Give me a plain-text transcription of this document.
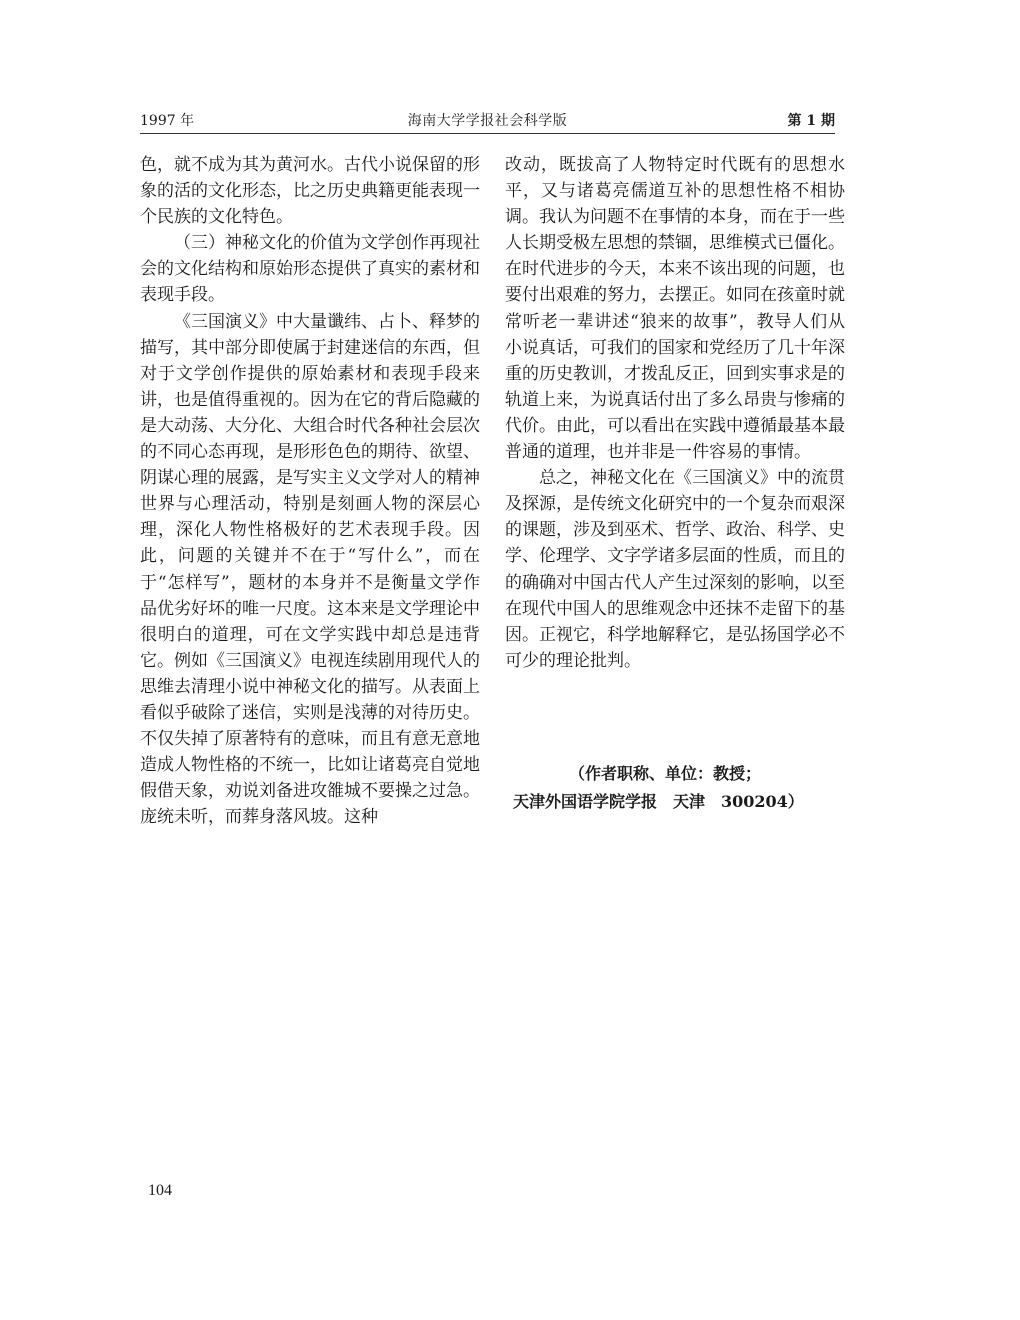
1997 年	海南大学学报社会科学版	第 1 期

色，就不成为其为黄河水。古代小说保留的形象的活的文化形态，比之历史典籍更能表现一个民族的文化特色。

（三）神秘文化的价值为文学创作再现社会的文化结构和原始形态提供了真实的素材和表现手段。

《三国演义》中大量谶纬、占卜、释梦的描写，其中部分即使属于封建迷信的东西，但对于文学创作提供的原始素材和表现手段来讲，也是值得重视的。因为在它的背后隐藏的是大动荡、大分化、大组合时代各种社会层次的不同心态再现，是形形色色的期待、欲望、阴谋心理的展露，是写实主义文学对人的精神世界与心理活动，特别是刻画人物的深层心理，深化人物性格极好的艺术表现手段。因此，问题的关键并不在于“写什么”，而在于“怎样写”，题材的本身并不是衡量文学作品优劣好坏的唯一尺度。这本来是文学理论中很明白的道理，可在文学实践中却总是违背它。例如《三国演义》电视连续剧用现代人的思维去清理小说中神秘文化的描写。从表面上看似乎破除了迷信，实则是浅薄的对待历史。不仅失掉了原著特有的意味，而且有意无意地造成人物性格的不统一，比如让诸葛亮自觉地假借天象，劝说刘备进攻雒城不要操之过急。庞统未听，而葬身落风坡。这种

改动，既拔高了人物特定时代既有的思想水平，又与诸葛亮儒道互补的思想性格不相协调。我认为问题不在事情的本身，而在于一些人长期受极左思想的禁锢，思维模式已僵化。在时代进步的今天，本来不该出现的问题，也要付出艰难的努力，去摆正。如同在孩童时就常听老一辈讲述“狼来的故事”，教导人们从小说真话，可我们的国家和党经历了几十年深重的历史教训，才拨乱反正，回到实事求是的轨道上来，为说真话付出了多么昂贵与惨痛的代价。由此，可以看出在实践中遵循最基本最普通的道理，也并非是一件容易的事情。

总之，神秘文化在《三国演义》中的流贯及探源，是传统文化研究中的一个复杂而艰深的课题，涉及到巫术、哲学、政治、科学、史学、伦理学、文字学诸多层面的性质，而且的的确确对中国古代人产生过深刻的影响，以至在现代中国人的思维观念中还抹不走留下的基因。正视它，科学地解释它，是弘扬国学必不可少的理论批判。

（作者职称、单位：教授；
天津外国语学院学报　天津　300204）
104
